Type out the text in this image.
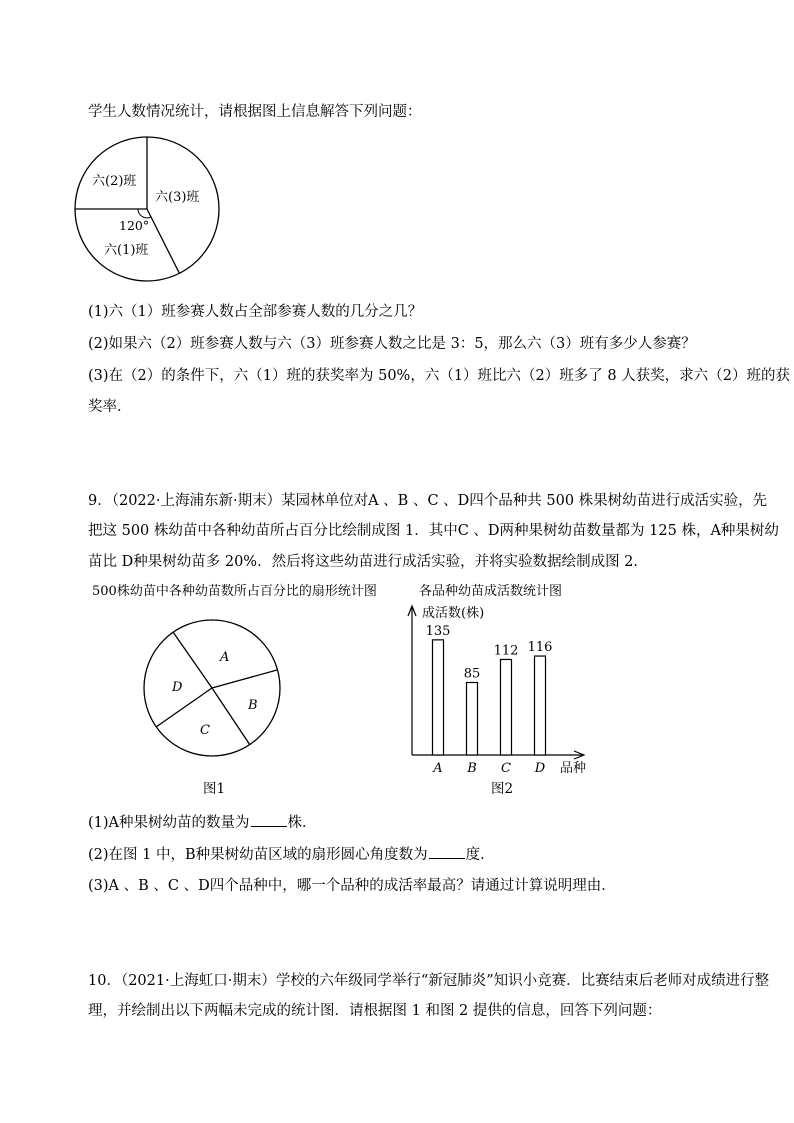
学生人数情况统计，请根据图上信息解答下列问题：
六(2)班
六(3)班
120°
六(1)班
(1)六（1）班参赛人数占全部参赛人数的几分之几？
(2)如果六（2）班参赛人数与六（3）班参赛人数之比是 3：5，那么六（3）班有多少人参赛？
(3)在（2）的条件下，六（1）班的获奖率为 50%，六（1）班比六（2）班多了 8 人获奖，求六（2）班的获
奖率．
9．（2022·上海浦东新·期末）某园林单位对A 、B 、C 、D四个品种共 500 株果树幼苗进行成活实验，先
把这 500 株幼苗中各种幼苗所占百分比绘制成图 1．其中C 、D两种果树幼苗数量都为 125 株，A种果树幼
苗比 D种果树幼苗多 20%．然后将这些幼苗进行成活实验，并将实验数据绘制成图 2．
500株幼苗中各种幼苗数所占百分比的扇形统计图	各品种幼苗成活数统计图
A
B
C
D
成活数(株)
品种
135
A
85
B
112
C
116
D
图1	图2
(1)A种果树幼苗的数量为	株．
(2)在图 1 中，B种果树幼苗区域的扇形圆心角度数为	度．
(3)A 、B 、C 、D四个品种中，哪一个品种的成活率最高？请通过计算说明理由．
10．（2021·上海虹口·期末）学校的六年级同学举行“新冠肺炎”知识小竞赛．比赛结束后老师对成绩进行整
理，并绘制出以下两幅未完成的统计图．请根据图 1 和图 2 提供的信息，回答下列问题：
